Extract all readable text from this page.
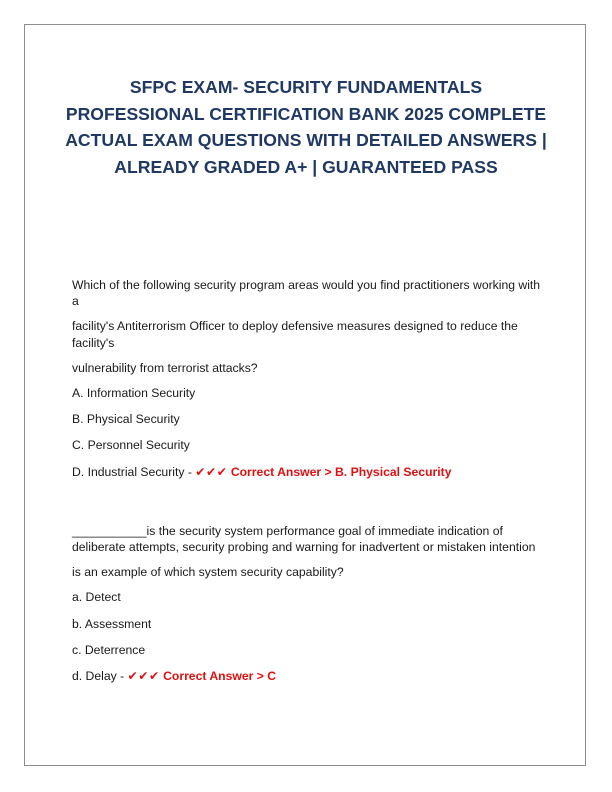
SFPC EXAM- SECURITY FUNDAMENTALS PROFESSIONAL CERTIFICATION BANK 2025 COMPLETE ACTUAL EXAM QUESTIONS WITH DETAILED ANSWERS | ALREADY GRADED A+ | GUARANTEED PASS

Which of the following security program areas would you find practitioners working with a

facility's Antiterrorism Officer to deploy defensive measures designed to reduce the facility's

vulnerability from terrorist attacks?

A. Information Security

B. Physical Security

C. Personnel Security

D. Industrial Security - ✔✔✔ Correct Answer > B. Physical Security

___________is the security system performance goal of immediate indication of deliberate attempts, security probing and warning for inadvertent or mistaken intention

is an example of which system security capability?

a. Detect

b. Assessment

c. Deterrence

d. Delay - ✔✔✔ Correct Answer > C
